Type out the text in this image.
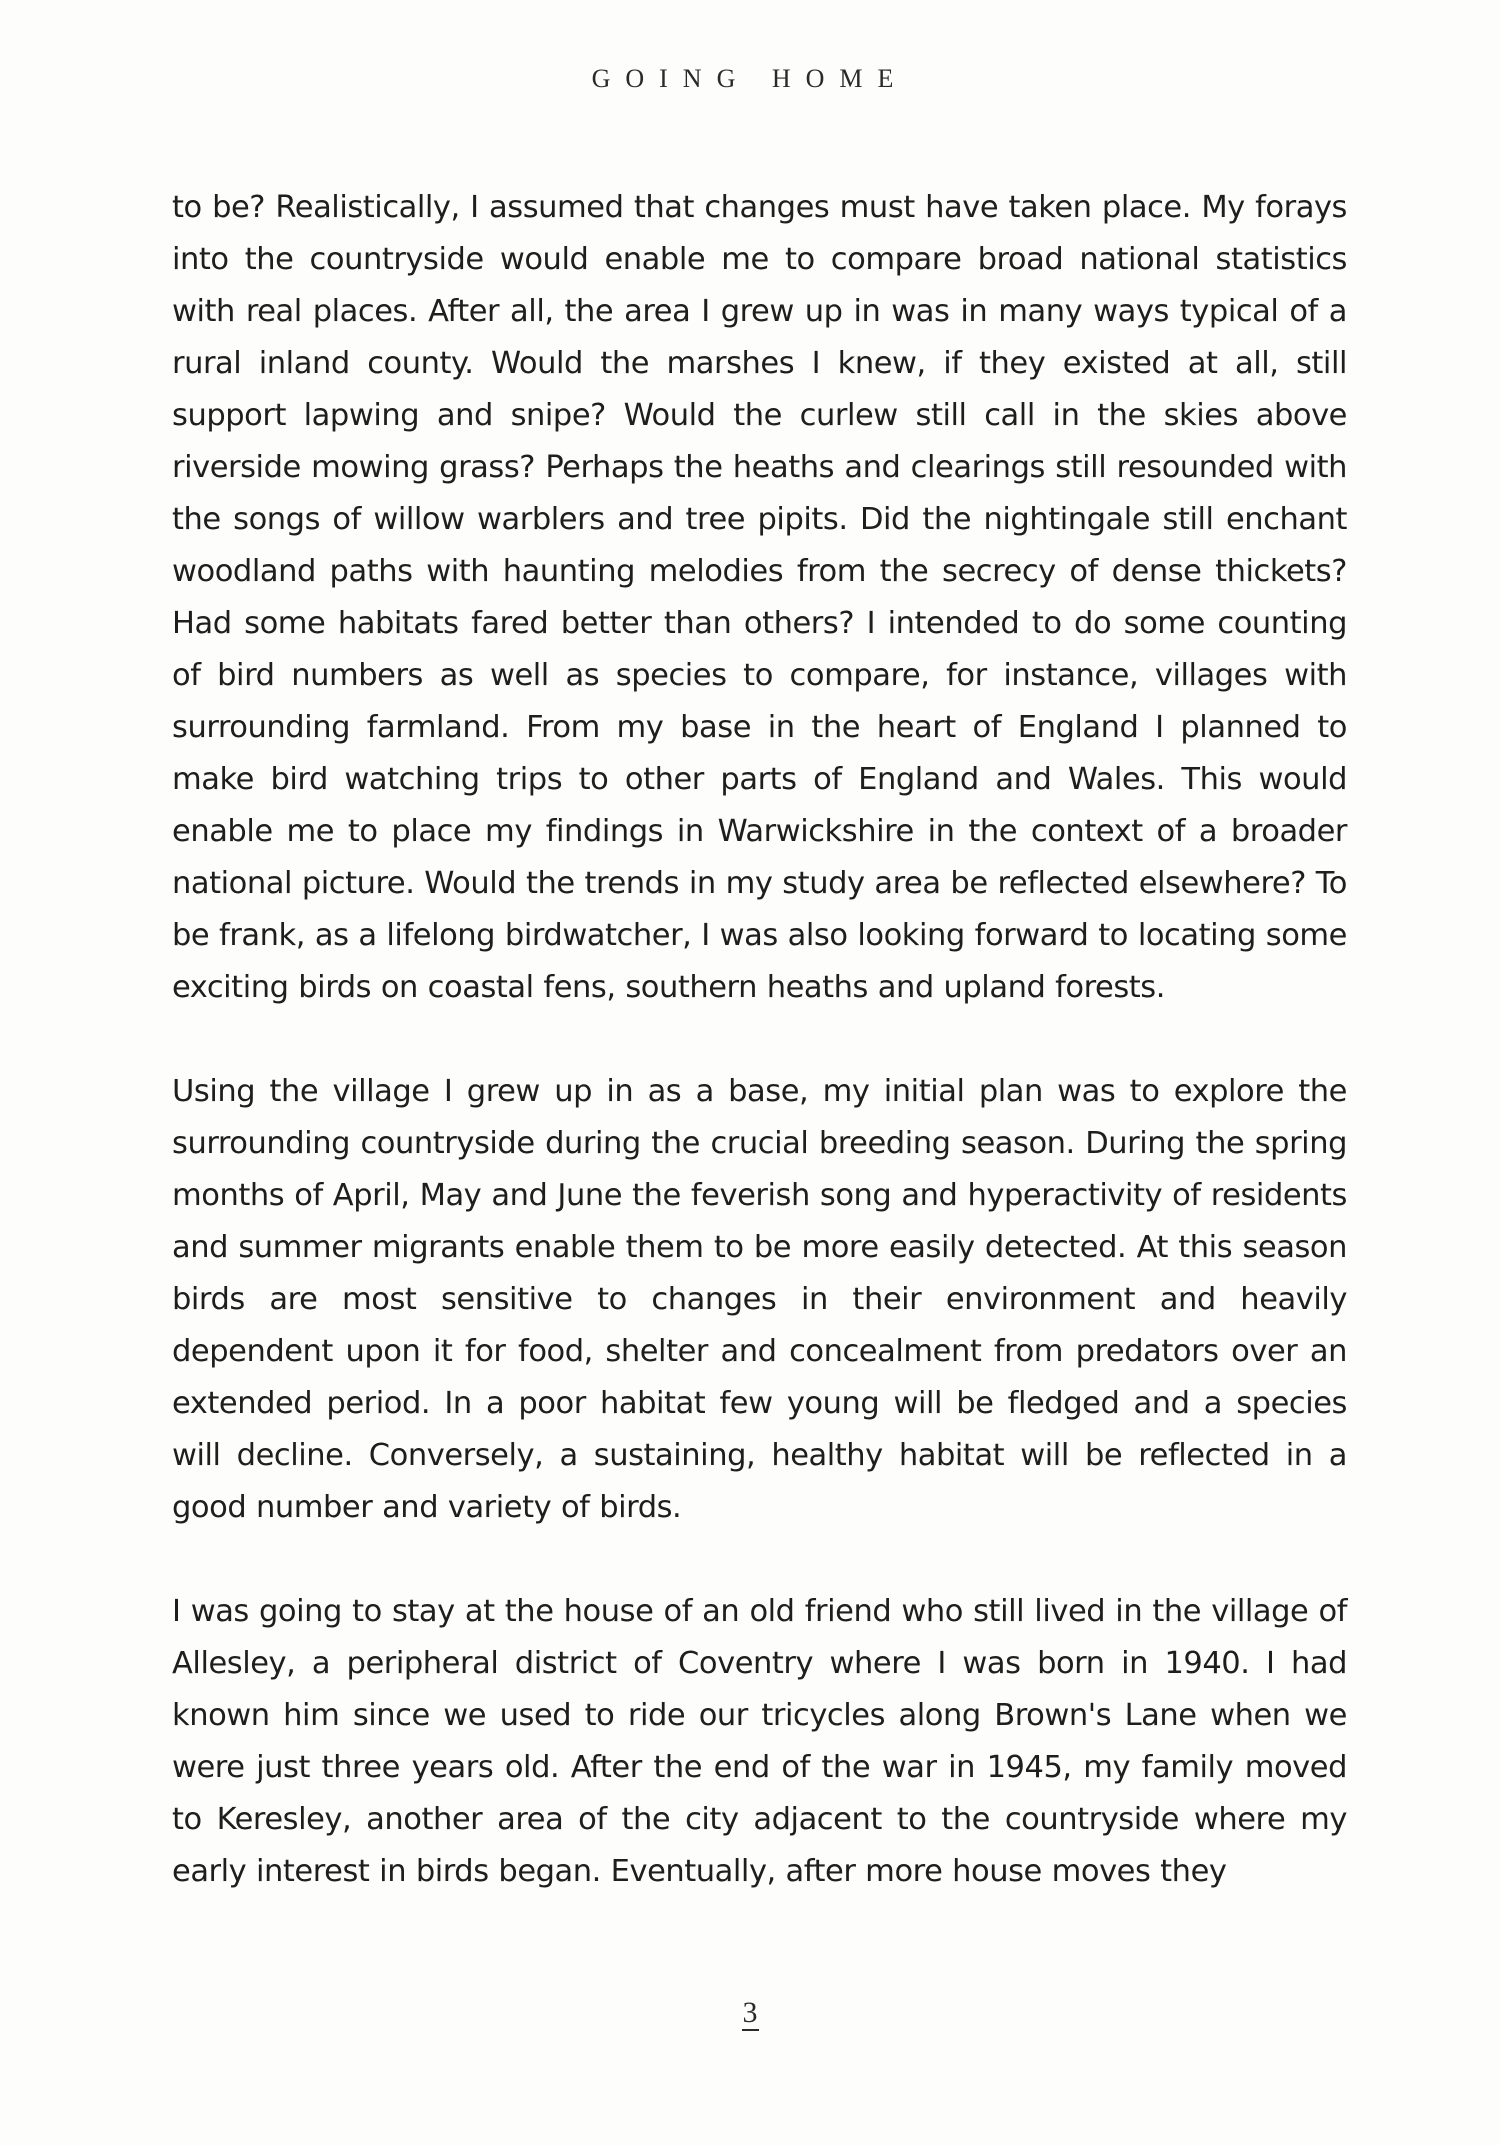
GOING HOME

to be? Realistically, I assumed that changes must have taken place. My forays into the countryside would enable me to compare broad national statistics with real places. After all, the area I grew up in was in many ways typical of a rural inland county. Would the marshes I knew, if they existed at all, still support lapwing and snipe? Would the curlew still call in the skies above riverside mowing grass? Perhaps the heaths and clearings still resounded with the songs of willow warblers and tree pipits. Did the nightingale still enchant woodland paths with haunting melodies from the secrecy of dense thickets? Had some habitats fared better than others? I intended to do some counting of bird numbers as well as species to compare, for instance, villages with surrounding farmland. From my base in the heart of England I planned to make bird watching trips to other parts of England and Wales. This would enable me to place my findings in Warwickshire in the context of a broader national picture. Would the trends in my study area be reflected elsewhere? To be frank, as a lifelong birdwatcher, I was also looking forward to locating some exciting birds on coastal fens, southern heaths and upland forests.

Using the village I grew up in as a base, my initial plan was to explore the surrounding countryside during the crucial breeding season. During the spring months of April, May and June the feverish song and hyperactivity of residents and summer migrants enable them to be more easily detected. At this season birds are most sensitive to changes in their environment and heavily dependent upon it for food, shelter and concealment from predators over an extended period. In a poor habitat few young will be fledged and a species will decline. Conversely, a sustaining, healthy habitat will be reflected in a good number and variety of birds.

I was going to stay at the house of an old friend who still lived in the village of Allesley, a peripheral district of Coventry where I was born in 1940. I had known him since we used to ride our tricycles along Brown's Lane when we were just three years old. After the end of the war in 1945, my family moved to Keresley, another area of the city adjacent to the countryside where my early interest in birds began. Eventually, after more house moves they

3
